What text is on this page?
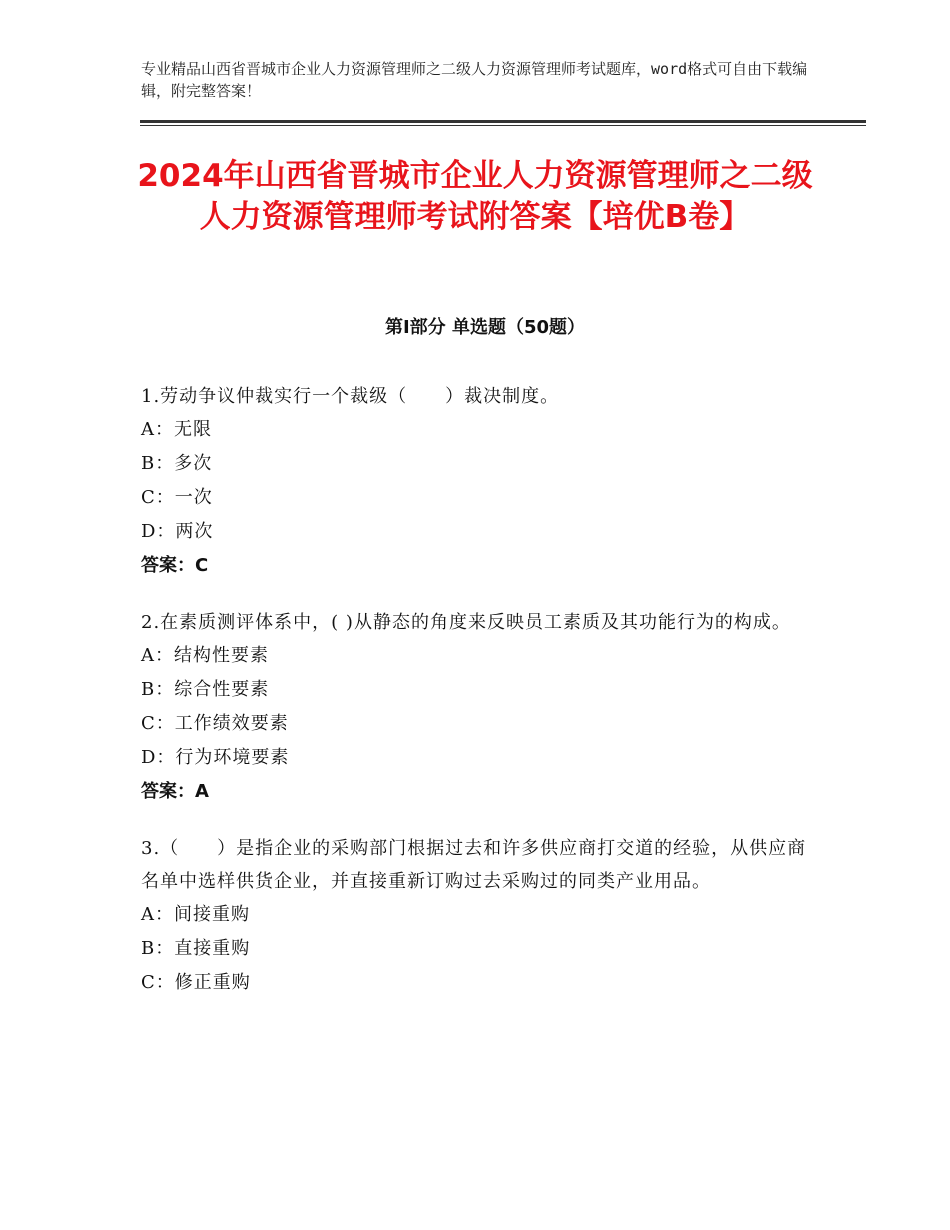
专业精品山西省晋城市企业人力资源管理师之二级人力资源管理师考试题库，word格式可自由下载编辑，附完整答案！
2024年山西省晋城市企业人力资源管理师之二级人力资源管理师考试附答案【培优B卷】
第Ⅰ部分 单选题（50题）

1.劳动争议仲裁实行一个裁级（　　）裁决制度。

A：无限

B：多次

C：一次

D：两次

答案：C

2.在素质测评体系中，( )从静态的角度来反映员工素质及其功能行为的构成。

A：结构性要素

B：综合性要素

C：工作绩效要素

D：行为环境要素

答案：A

3.（　　）是指企业的采购部门根据过去和许多供应商打交道的经验，从供应商名单中选样供货企业，并直接重新订购过去采购过的同类产业用品。

A：间接重购

B：直接重购

C：修正重购
